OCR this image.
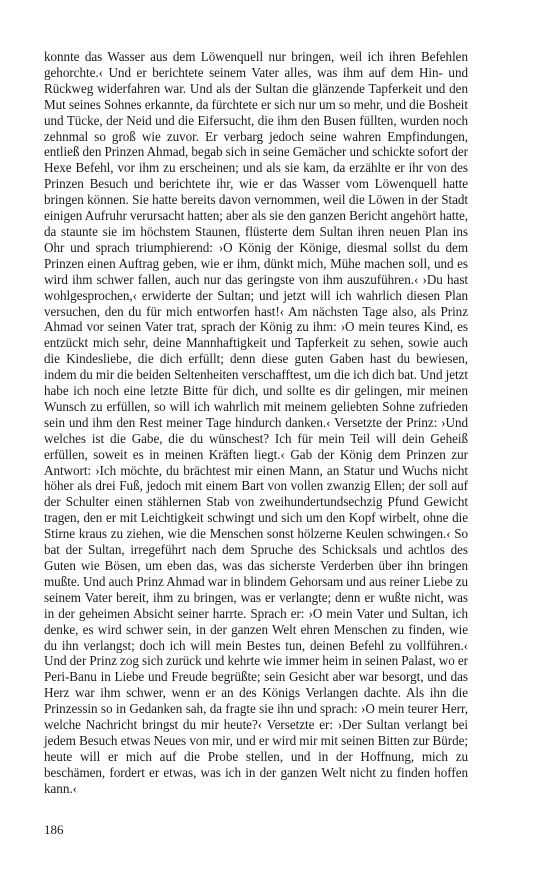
konnte das Wasser aus dem Löwenquell nur bringen, weil ich ihren Befehlen gehorchte.‹ Und er berichtete seinem Vater alles, was ihm auf dem Hin- und Rückweg widerfahren war. Und als der Sultan die glänzende Tapferkeit und den Mut seines Sohnes erkannte, da fürchtete er sich nur um so mehr, und die Bosheit und Tücke, der Neid und die Eifersucht, die ihm den Busen füllten, wurden noch zehnmal so groß wie zuvor. Er verbarg jedoch seine wahren Empfindungen, entließ den Prinzen Ahmad, begab sich in seine Gemächer und schickte sofort der Hexe Befehl, vor ihm zu erscheinen; und als sie kam, da erzählte er ihr von des Prinzen Besuch und berichtete ihr, wie er das Wasser vom Löwenquell hatte bringen können. Sie hatte bereits davon vernommen, weil die Löwen in der Stadt einigen Aufruhr verursacht hatten; aber als sie den ganzen Bericht angehört hatte, da staunte sie im höchstem Staunen, flüsterte dem Sultan ihren neuen Plan ins Ohr und sprach triumphierend: ›O König der Könige, diesmal sollst du dem Prinzen einen Auftrag geben, wie er ihm, dünkt mich, Mühe machen soll, und es wird ihm schwer fallen, auch nur das geringste von ihm auszuführen.‹ ›Du hast wohlgesprochen,‹ erwiderte der Sultan; und jetzt will ich wahrlich diesen Plan versuchen, den du für mich entworfen hast!‹ Am nächsten Tage also, als Prinz Ahmad vor seinen Vater trat, sprach der König zu ihm: ›O mein teures Kind, es entzückt mich sehr, deine Mannhaftigkeit und Tapferkeit zu sehen, sowie auch die Kindesliebe, die dich erfüllt; denn diese guten Gaben hast du bewiesen, indem du mir die beiden Seltenheiten verschafftest, um die ich dich bat. Und jetzt habe ich noch eine letzte Bitte für dich, und sollte es dir gelingen, mir meinen Wunsch zu erfüllen, so will ich wahrlich mit meinem geliebten Sohne zufrieden sein und ihm den Rest meiner Tage hindurch danken.‹ Versetzte der Prinz: ›Und welches ist die Gabe, die du wünschest? Ich für mein Teil will dein Geheiß erfüllen, soweit es in meinen Kräften liegt.‹ Gab der König dem Prinzen zur Antwort: ›Ich möchte, du brächtest mir einen Mann, an Statur und Wuchs nicht höher als drei Fuß, jedoch mit einem Bart von vollen zwanzig Ellen; der soll auf der Schulter einen stählernen Stab von zweihundertundsechzig Pfund Gewicht tragen, den er mit Leichtigkeit schwingt und sich um den Kopf wirbelt, ohne die Stirne kraus zu ziehen, wie die Menschen sonst hölzerne Keulen schwingen.‹ So bat der Sultan, irregeführt nach dem Spruche des Schicksals und achtlos des Guten wie Bösen, um eben das, was das sicherste Verderben über ihn bringen mußte. Und auch Prinz Ahmad war in blindem Gehorsam und aus reiner Liebe zu seinem Vater bereit, ihm zu bringen, was er verlangte; denn er wußte nicht, was in der geheimen Absicht seiner harrte. Sprach er: ›O mein Vater und Sultan, ich denke, es wird schwer sein, in der ganzen Welt ehren Menschen zu finden, wie du ihn verlangst; doch ich will mein Bestes tun, deinen Befehl zu vollführen.‹ Und der Prinz zog sich zurück und kehrte wie immer heim in seinen Palast, wo er Peri-Banu in Liebe und Freude begrüßte; sein Gesicht aber war besorgt, und das Herz war ihm schwer, wenn er an des Königs Verlangen dachte. Als ihn die Prinzessin so in Gedanken sah, da fragte sie ihn und sprach: ›O mein teurer Herr, welche Nachricht bringst du mir heute?‹ Versetzte er: ›Der Sultan verlangt bei jedem Besuch etwas Neues von mir, und er wird mir mit seinen Bitten zur Bürde; heute will er mich auf die Probe stellen, und in der Hoffnung, mich zu beschämen, fordert er etwas, was ich in der ganzen Welt nicht zu finden hoffen kann.‹
186
